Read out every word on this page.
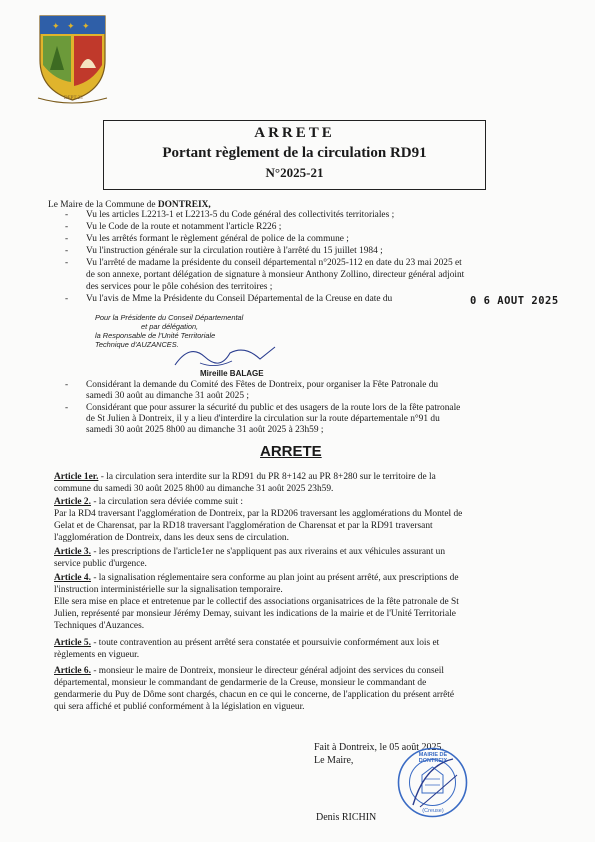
✦ ✦ ✦
DEPT 23
ARRETE
Portant règlement de la circulation RD91
N°2025-21
Le Maire de la Commune de DONTREIX,
- Vu les articles L2213-1 et L2213-5 du Code général des collectivités territoriales ;
- Vu le Code de la route et notamment l'article R226 ;
- Vu les arrêtés formant le règlement général de police de la commune ;
- Vu l'instruction générale sur la circulation routière à l'arrêté du 15 juillet 1984 ;
- Vu l'arrêté de madame la présidente du conseil départemental n°2025-112 en date du 23 mai 2025 et
de son annexe, portant délégation de signature à monsieur Anthony Zollino, directeur général adjoint
des services pour le pôle cohésion des territoires ;
- Vu l'avis de Mme la Présidente du Conseil Départemental de la Creuse en date du	0 6 AOUT 2025
Pour la Présidente du Conseil Départemental
et par délégation,
la Responsable de l'Unité Territoriale
Technique d'AUZANCES.
Mireille BALAGE
- Considérant la demande du Comité des Fêtes de Dontreix, pour organiser la Fête Patronale du
samedi 30 août au dimanche 31 août 2025 ;
- Considérant que pour assurer la sécurité du public et des usagers de la route lors de la fête patronale
de St Julien à Dontreix, il y a lieu d'interdire la circulation sur la route départementale n°91 du
samedi 30 août 2025 8h00 au dimanche 31 août 2025 à 23h59 ;
ARRETE
Article 1er. - la circulation sera interdite sur la RD91 du PR 8+142 au PR 8+280 sur le territoire de la
commune du samedi 30 août 2025 8h00 au dimanche 31 août 2025 23h59.
Article 2. - la circulation sera déviée comme suit :
Par la RD4 traversant l'agglomération de Dontreix, par la RD206 traversant les agglomérations du Montel de
Gelat et de Charensat, par la RD18 traversant l'agglomération de Charensat et par la RD91 traversant
l'agglomération de Dontreix, dans les deux sens de circulation.
Article 3. - les prescriptions de l'article1er ne s'appliquent pas aux riverains et aux véhicules assurant un
service public d'urgence.
Article 4. - la signalisation réglementaire sera conforme au plan joint au présent arrêté, aux prescriptions de
l'instruction interministérielle sur la signalisation temporaire.
Elle sera mise en place et entretenue par le collectif des associations organisatrices de la fête patronale de St
Julien, représenté par monsieur Jérémy Demay, suivant les indications de la mairie et de l'Unité Territoriale
Techniques d'Auzances.
Article 5. - toute contravention au présent arrêté sera constatée et poursuivie conformément aux lois et
règlements en vigueur.
Article 6. - monsieur le maire de Dontreix, monsieur le directeur général adjoint des services du conseil
départemental, monsieur le commandant de gendarmerie de la Creuse, monsieur le commandant de
gendarmerie du Puy de Dôme sont chargés, chacun en ce qui le concerne, de l'application du présent arrêté
qui sera affiché et publié conformément à la législation en vigueur.
Fait à Dontreix, le 05 août 2025.
Le Maire,	MAIRIE DE DONTREIX
(Creuse)
Denis RICHIN
